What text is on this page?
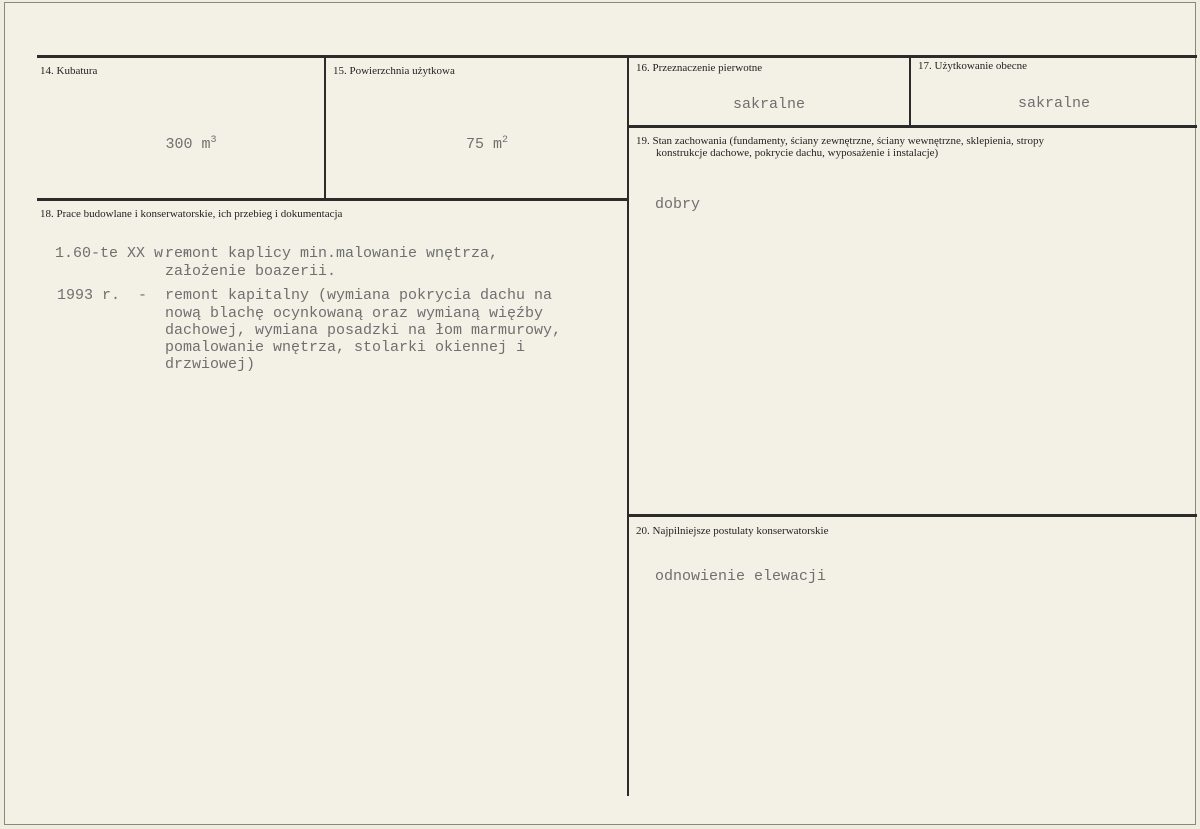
14. Kubatura

300 $m^3$

15. Powierzchnia użytkowa

75 $m^2$

16. Przeznaczenie pierwotne
sakralne
17. Użytkowanie obecne
sakralne
18. Prace budowlane i konserwatorskie, ich przebieg i dokumentacja
1.60-te XX w. -
remont kaplicy min.malowanie wnętrza,
założenie boazerii.
1993 r.  - remont kapitalny (wymiana pokrycia dachu na
nową blachę ocynkowaną oraz wymianą więźby
dachowej, wymiana posadzki na łom marmurowy,
pomalowanie wnętrza, stolarki okiennej i
drzwiowej)
19. Stan zachowania (fundamenty, ściany zewnętrzne, ściany wewnętrzne, sklepienia, stropy
konstrukcje dachowe, pokrycie dachu, wyposażenie i instalacje)
dobry
20. Najpilniejsze postulaty konserwatorskie
odnowienie elewacji
